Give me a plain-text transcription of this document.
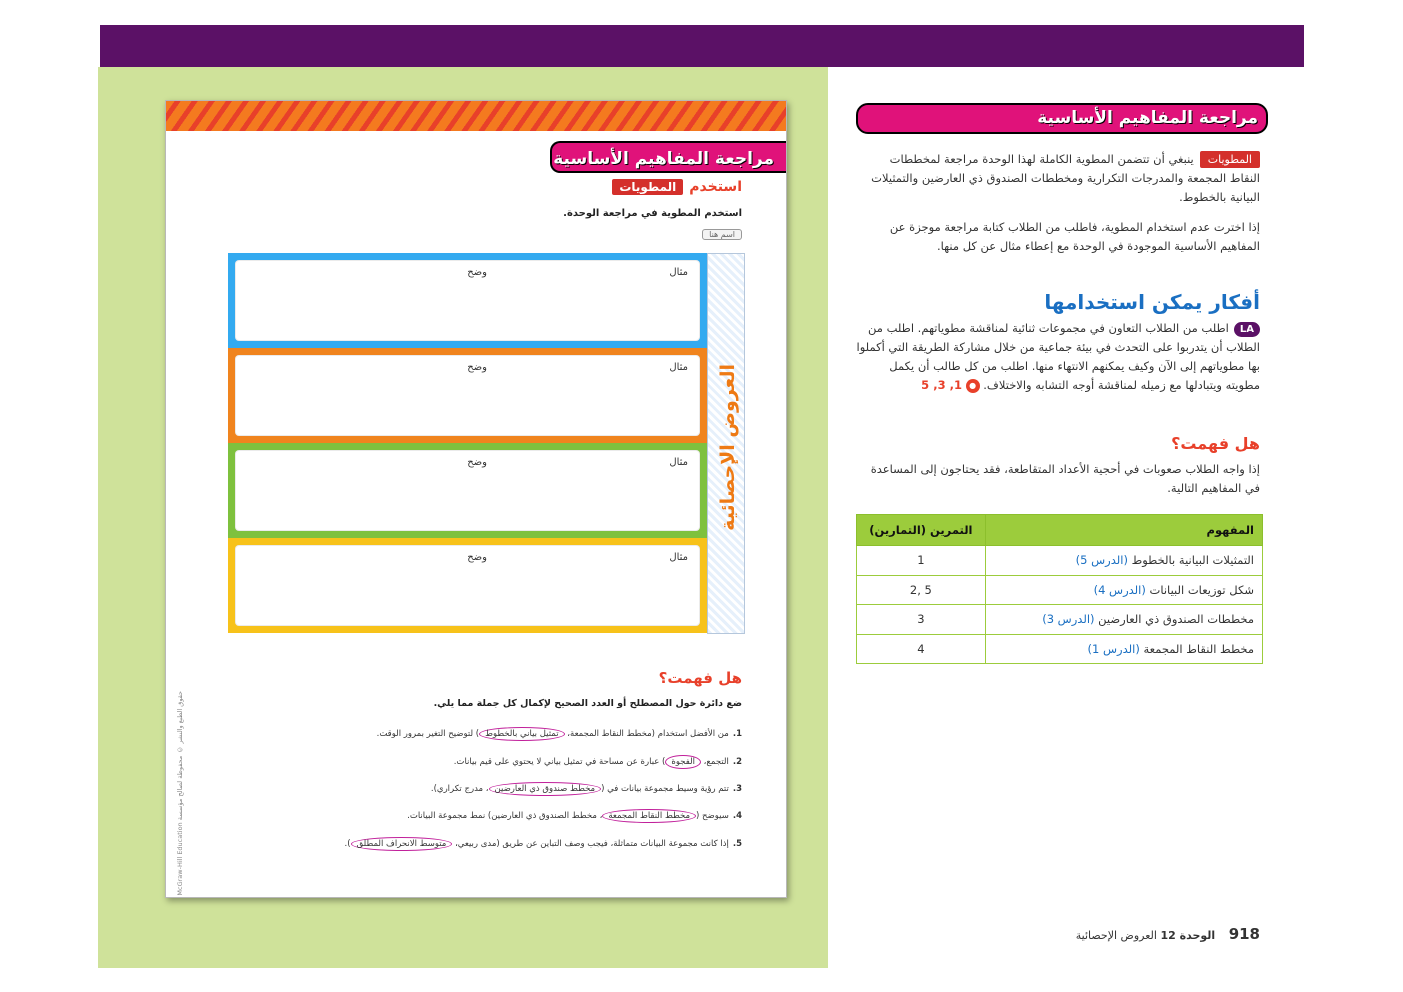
مراجعة المفاهيم الأساسية
استخدمالمطويات
استخدم المطوية في مراجعة الوحدة.
اسم هنا
مثال
وضح
مثال
وضح
مثال
وضح
مثال
وضح
العروض الإحصائية
هل فهمت؟
ضع دائرة حول المصطلح أو العدد الصحيح لإكمال كل جملة مما يلي.
1.من الأفضل استخدام (مخطط النقاط المجمعة، تمثيل بياني بالخطوط) لتوضيح التغير بمرور الوقت.
2.التجمع، الفجوة) عبارة عن مساحة في تمثيل بياني لا يحتوي على قيم بيانات.
3.تتم رؤية وسيط مجموعة بيانات في (مخطط صندوق ذي العارضين، مدرج تكراري).
4.سيوضح (مخطط النقاط المجمعة، مخطط الصندوق ذي العارضين) نمط مجموعة البيانات.
5.إذا كانت مجموعة البيانات متماثلة، فيجب وصف التباين عن طريق (مدى ربيعي، متوسط الانحراف المطلق).
حقوق الطبع والنشر © محفوظة لصالح مؤسسة McGraw-Hill Education
مراجعة المفاهيم الأساسية
المطوياتينبغي أن تتضمن المطوية الكاملة لهذا الوحدة مراجعة لمخططات النقاط المجمعة والمدرجات التكرارية ومخططات الصندوق ذي العارضين والتمثيلات البيانية بالخطوط.
إذا اخترت عدم استخدام المطوية، فاطلب من الطلاب كتابة مراجعة موجزة عن المفاهيم الأساسية الموجودة في الوحدة مع إعطاء مثال عن كل منها.
أفكار يمكن استخدامها
LAاطلب من الطلاب التعاون في مجموعات ثنائية لمناقشة مطوياتهم. اطلب من الطلاب أن يتدربوا على التحدث في بيئة جماعية من خلال مشاركة الطريقة التي أكملوا بها مطوياتهم إلى الآن وكيف يمكنهم الانتهاء منها. اطلب من كل طالب أن يكمل مطويته ويتبادلها مع زميله لمناقشة أوجه التشابه والاختلاف. ● 1, 3, 5
هل فهمت؟
إذا واجه الطلاب صعوبات في أحجية الأعداد المتقاطعة، فقد يحتاجون إلى المساعدة في المفاهيم التالية.
التمرين (التمارين)	المفهوم
1	التمثيلات البيانية بالخطوط (الدرس 5)
2, 5	شكل توزيعات البيانات (الدرس 4)
3	مخططات الصندوق ذي العارضين (الدرس 3)
4	مخطط النقاط المجمعة (الدرس 1)
918 الوحدة 12 العروض الإحصائية
